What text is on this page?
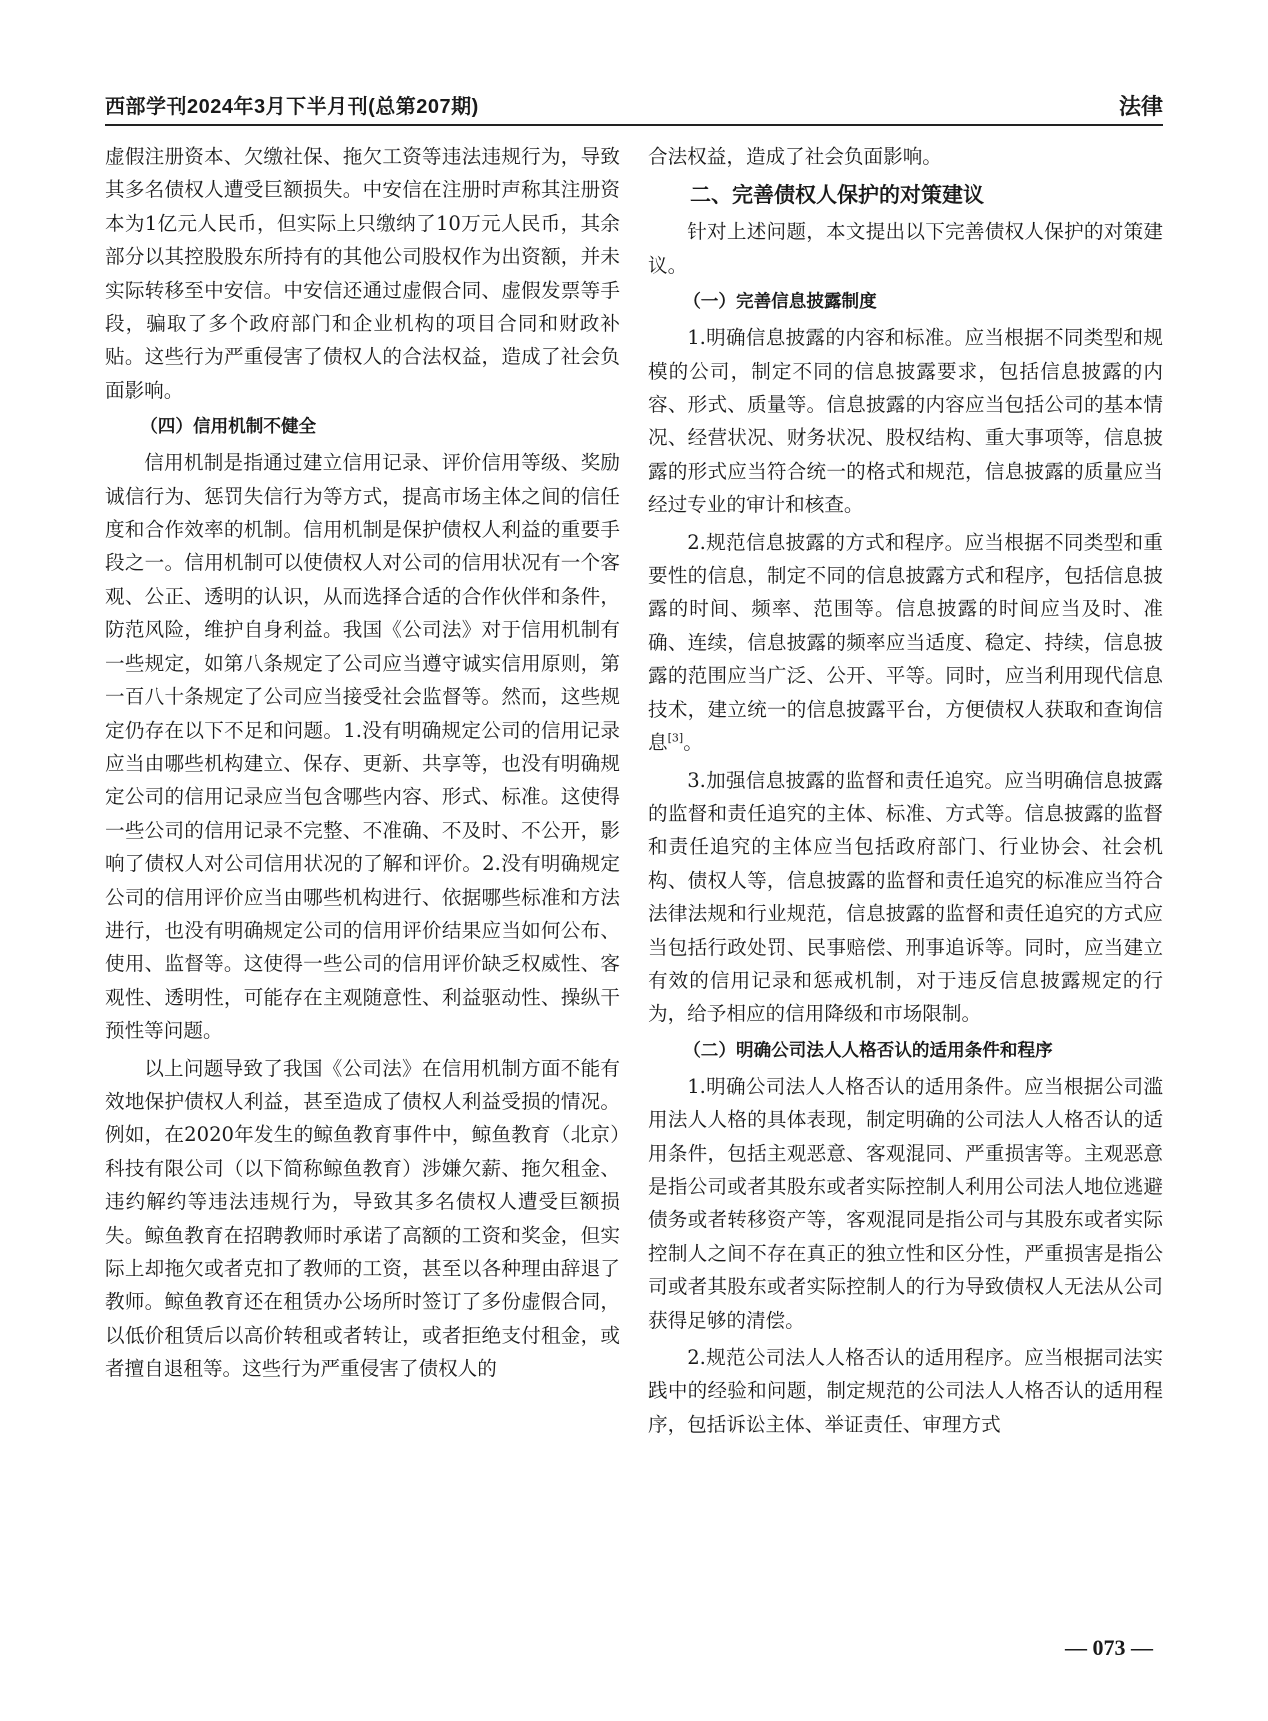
西部学刊2024年3月下半月刊(总第207期)	法律

虚假注册资本、欠缴社保、拖欠工资等违法违规行为，导致其多名债权人遭受巨额损失。中安信在注册时声称其注册资本为1亿元人民币，但实际上只缴纳了10万元人民币，其余部分以其控股股东所持有的其他公司股权作为出资额，并未实际转移至中安信。中安信还通过虚假合同、虚假发票等手段，骗取了多个政府部门和企业机构的项目合同和财政补贴。这些行为严重侵害了债权人的合法权益，造成了社会负面影响。

（四）信用机制不健全

信用机制是指通过建立信用记录、评价信用等级、奖励诚信行为、惩罚失信行为等方式，提高市场主体之间的信任度和合作效率的机制。信用机制是保护债权人利益的重要手段之一。信用机制可以使债权人对公司的信用状况有一个客观、公正、透明的认识，从而选择合适的合作伙伴和条件，防范风险，维护自身利益。我国《公司法》对于信用机制有一些规定，如第八条规定了公司应当遵守诚实信用原则，第一百八十条规定了公司应当接受社会监督等。然而，这些规定仍存在以下不足和问题。1.没有明确规定公司的信用记录应当由哪些机构建立、保存、更新、共享等，也没有明确规定公司的信用记录应当包含哪些内容、形式、标准。这使得一些公司的信用记录不完整、不准确、不及时、不公开，影响了债权人对公司信用状况的了解和评价。2.没有明确规定公司的信用评价应当由哪些机构进行、依据哪些标准和方法进行，也没有明确规定公司的信用评价结果应当如何公布、使用、监督等。这使得一些公司的信用评价缺乏权威性、客观性、透明性，可能存在主观随意性、利益驱动性、操纵干预性等问题。

以上问题导致了我国《公司法》在信用机制方面不能有效地保护债权人利益，甚至造成了债权人利益受损的情况。例如，在2020年发生的鲸鱼教育事件中，鲸鱼教育（北京）科技有限公司（以下简称鲸鱼教育）涉嫌欠薪、拖欠租金、违约解约等违法违规行为，导致其多名债权人遭受巨额损失。鲸鱼教育在招聘教师时承诺了高额的工资和奖金，但实际上却拖欠或者克扣了教师的工资，甚至以各种理由辞退了教师。鲸鱼教育还在租赁办公场所时签订了多份虚假合同，以低价租赁后以高价转租或者转让，或者拒绝支付租金，或者擅自退租等。这些行为严重侵害了债权人的

合法权益，造成了社会负面影响。

二、完善债权人保护的对策建议

针对上述问题，本文提出以下完善债权人保护的对策建议。

（一）完善信息披露制度

1.明确信息披露的内容和标准。应当根据不同类型和规模的公司，制定不同的信息披露要求，包括信息披露的内容、形式、质量等。信息披露的内容应当包括公司的基本情况、经营状况、财务状况、股权结构、重大事项等，信息披露的形式应当符合统一的格式和规范，信息披露的质量应当经过专业的审计和核查。

2.规范信息披露的方式和程序。应当根据不同类型和重要性的信息，制定不同的信息披露方式和程序，包括信息披露的时间、频率、范围等。信息披露的时间应当及时、准确、连续，信息披露的频率应当适度、稳定、持续，信息披露的范围应当广泛、公开、平等。同时，应当利用现代信息技术，建立统一的信息披露平台，方便债权人获取和查询信息[3]。

3.加强信息披露的监督和责任追究。应当明确信息披露的监督和责任追究的主体、标准、方式等。信息披露的监督和责任追究的主体应当包括政府部门、行业协会、社会机构、债权人等，信息披露的监督和责任追究的标准应当符合法律法规和行业规范，信息披露的监督和责任追究的方式应当包括行政处罚、民事赔偿、刑事追诉等。同时，应当建立有效的信用记录和惩戒机制，对于违反信息披露规定的行为，给予相应的信用降级和市场限制。

（二）明确公司法人人格否认的适用条件和程序

1.明确公司法人人格否认的适用条件。应当根据公司滥用法人人格的具体表现，制定明确的公司法人人格否认的适用条件，包括主观恶意、客观混同、严重损害等。主观恶意是指公司或者其股东或者实际控制人利用公司法人地位逃避债务或者转移资产等，客观混同是指公司与其股东或者实际控制人之间不存在真正的独立性和区分性，严重损害是指公司或者其股东或者实际控制人的行为导致债权人无法从公司获得足够的清偿。

2.规范公司法人人格否认的适用程序。应当根据司法实践中的经验和问题，制定规范的公司法人人格否认的适用程序，包括诉讼主体、举证责任、审理方式

— 073 —
